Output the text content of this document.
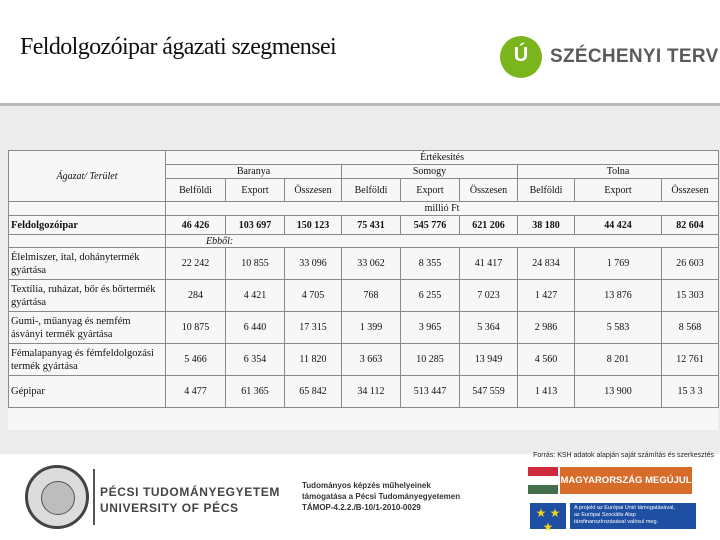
Feldolgozóipar ágazati szegmensei	Ú	SZÉCHENYI TERV
Ágazat/ Terület	Értékesítés								
	Baranya			Somogy			Tolna		
	Belföldi	Export	Összesen	Belföldi	Export	Összesen	Belföldi	Export	Összesen
	millió Ft								
Feldolgozóipar	46 426	103 697	150 123	75 431	545 776	621 206	38 180	44 424	82 604
	Ebből:								
Élelmiszer, ital, dohánytermék gyártása	22 242	10 855	33 096	33 062	8 355	41 417	24 834	1 769	26 603
Textília, ruházat, bőr és bőrtermék gyártása	284	4 421	4 705	768	6 255	7 023	1 427	13 876	15 303
Gumi-, műanyag és nemfém ásványi termék gyártása	10 875	6 440	17 315	1 399	3 965	5 364	2 986	5 583	8 568
Fémalapanyag és fémfeldolgozási termék gyártása	5 466	6 354	11 820	3 663	10 285	13 949	4 560	8 201	12 761
Gépipar	4 477	61 365	65 842	34 112	513 447	547 559	1 413	13 900	15 3 3
Forrás: KSH adatok alapján saját számítás és szerkesztés
PÉCSI TUDOMÁNYEGYETEM
UNIVERSITY OF PÉCS
Tudományos képzés műhelyeinek
támogatása a Pécsi Tudományegyetemen
TÁMOP-4.2.2./B-10/1-2010-0029
MAGYARORSZÁG MEGÚJUL
★ ★ ★
A projekt az Európai Unió támogatásával,
az Európai Szociális Alap
társfinanszírozásával valósul meg.
